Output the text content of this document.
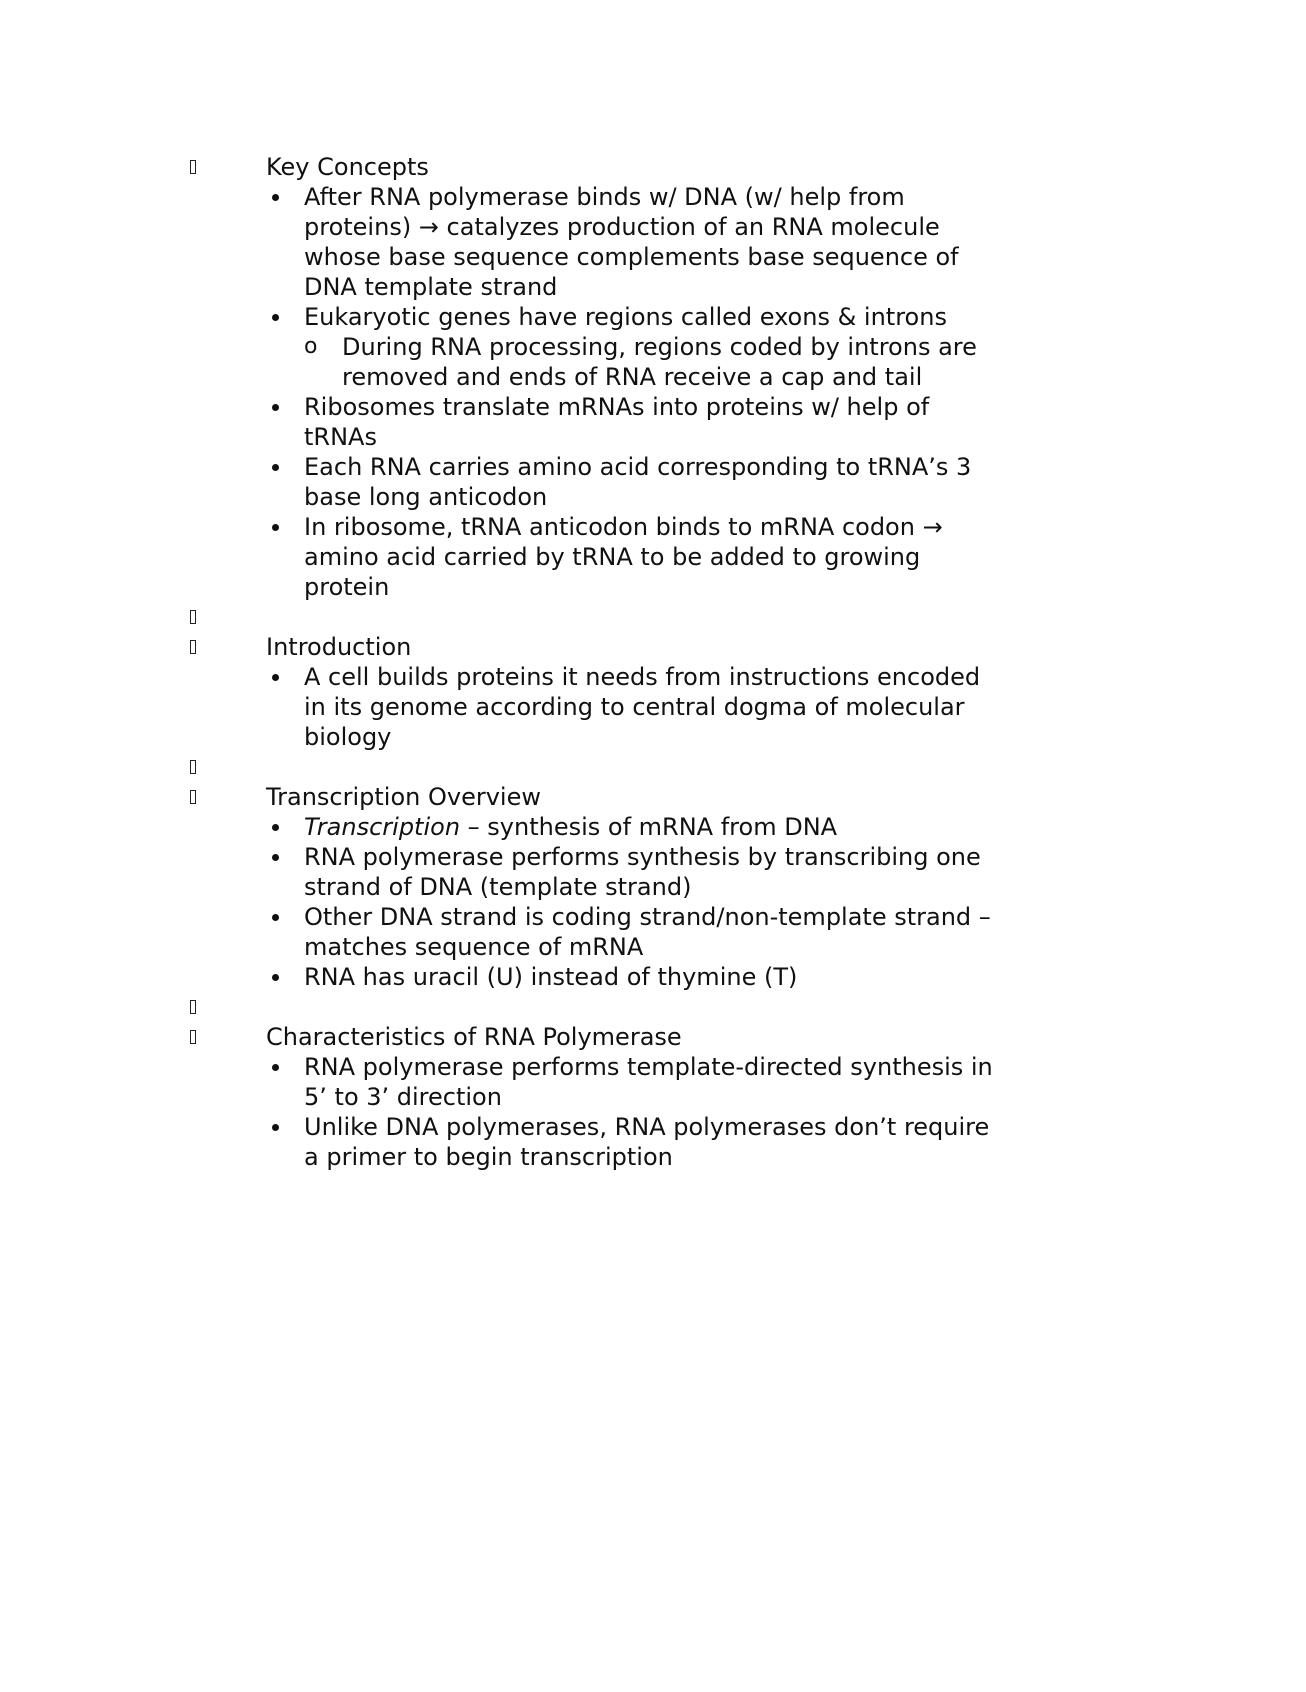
Key Concepts
After RNA polymerase binds w/ DNA (w/ help from proteins) → catalyzes production of an RNA molecule whose base sequence complements base sequence of DNA template strand
Eukaryotic genes have regions called exons & introns
o During RNA processing, regions coded by introns are removed and ends of RNA receive a cap and tail
Ribosomes translate mRNAs into proteins w/ help of tRNAs
Each RNA carries amino acid corresponding to tRNA’s 3 base long anticodon
In ribosome, tRNA anticodon binds to mRNA codon → amino acid carried by tRNA to be added to growing protein
Introduction
A cell builds proteins it needs from instructions encoded in its genome according to central dogma of molecular biology
Transcription Overview
Transcription – synthesis of mRNA from DNA
RNA polymerase performs synthesis by transcribing one strand of DNA (template strand)
Other DNA strand is coding strand/non-template strand – matches sequence of mRNA
RNA has uracil (U) instead of thymine (T)
Characteristics of RNA Polymerase
RNA polymerase performs template-directed synthesis in 5’ to 3’ direction
Unlike DNA polymerases, RNA polymerases don’t require a primer to begin transcription
